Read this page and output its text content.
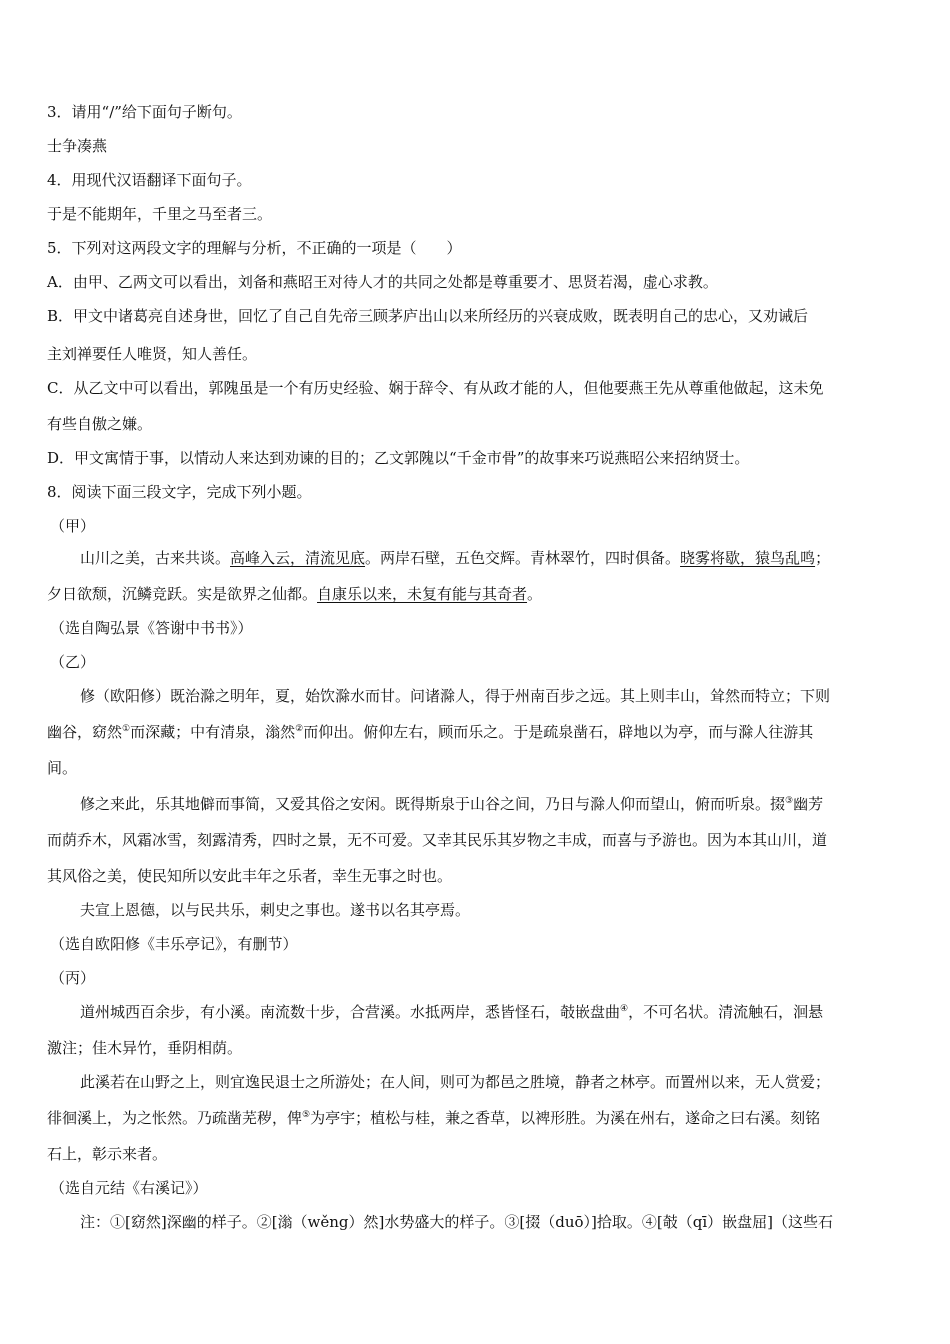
3．请用“/”给下面句子断句。
士争凑燕
4．用现代汉语翻译下面句子。
于是不能期年，千里之马至者三。
5．下列对这两段文字的理解与分析，不正确的一项是（　　）
A．由甲、乙两文可以看出，刘备和燕昭王对待人才的共同之处都是尊重要才、思贤若渴，虚心求教。
B．甲文中诸葛亮自述身世，回忆了自己自先帝三顾茅庐出山以来所经历的兴衰成败，既表明自己的忠心，又劝诫后
主刘禅要任人唯贤，知人善任。
C．从乙文中可以看出，郭隗虽是一个有历史经验、娴于辞令、有从政才能的人，但他要燕王先从尊重他做起，这未免
有些自傲之嫌。
D．甲文寓情于事，以情动人来达到劝谏的目的；乙文郭隗以“千金市骨”的故事来巧说燕昭公来招纳贤士。
8．阅读下面三段文字，完成下列小题。
（甲）
山川之美，古来共谈。高峰入云，清流见底。两岸石壁，五色交辉。青林翠竹，四时俱备。晓雾将歇，猿鸟乱鸣；
夕日欲颓，沉鳞竞跃。实是欲界之仙都。自康乐以来，未复有能与其奇者。
（选自陶弘景《答谢中书书》）
（乙）
修（欧阳修）既治滁之明年，夏，始饮滁水而甘。问诸滁人，得于州南百步之远。其上则丰山，耸然而特立；下则
幽谷，窈然①而深藏；中有清泉，滃然②而仰出。俯仰左右，顾而乐之。于是疏泉凿石，辟地以为亭，而与滁人往游其
间。
修之来此，乐其地僻而事简，又爱其俗之安闲。既得斯泉于山谷之间，乃日与滁人仰而望山，俯而听泉。掇③幽芳
而荫乔木，风霜冰雪，刻露清秀，四时之景，无不可爱。又幸其民乐其岁物之丰成，而喜与予游也。因为本其山川，道
其风俗之美，使民知所以安此丰年之乐者，幸生无事之时也。
夫宣上恩德，以与民共乐，刺史之事也。遂书以名其亭焉。
（选自欧阳修《丰乐亭记》，有删节）
（丙）
道州城西百余步，有小溪。南流数十步，合营溪。水抵两岸，悉皆怪石，攲嵌盘曲④，不可名状。清流触石，洄悬
激注；佳木异竹，垂阴相荫。
此溪若在山野之上，则宜逸民退士之所游处；在人间，则可为都邑之胜境，静者之林亭。而置州以来，无人赏爱；
徘徊溪上，为之怅然。乃疏凿芜秽，俾⑤为亭宇；植松与桂，兼之香草，以裨形胜。为溪在州右，遂命之曰右溪。刻铭
石上，彰示来者。
（选自元结《右溪记》）
注：①[窈然]深幽的样子。②[滃（wěng）然]水势盛大的样子。③[掇（duō）]拾取。④[攲（qī）嵌盘屈]（这些石
